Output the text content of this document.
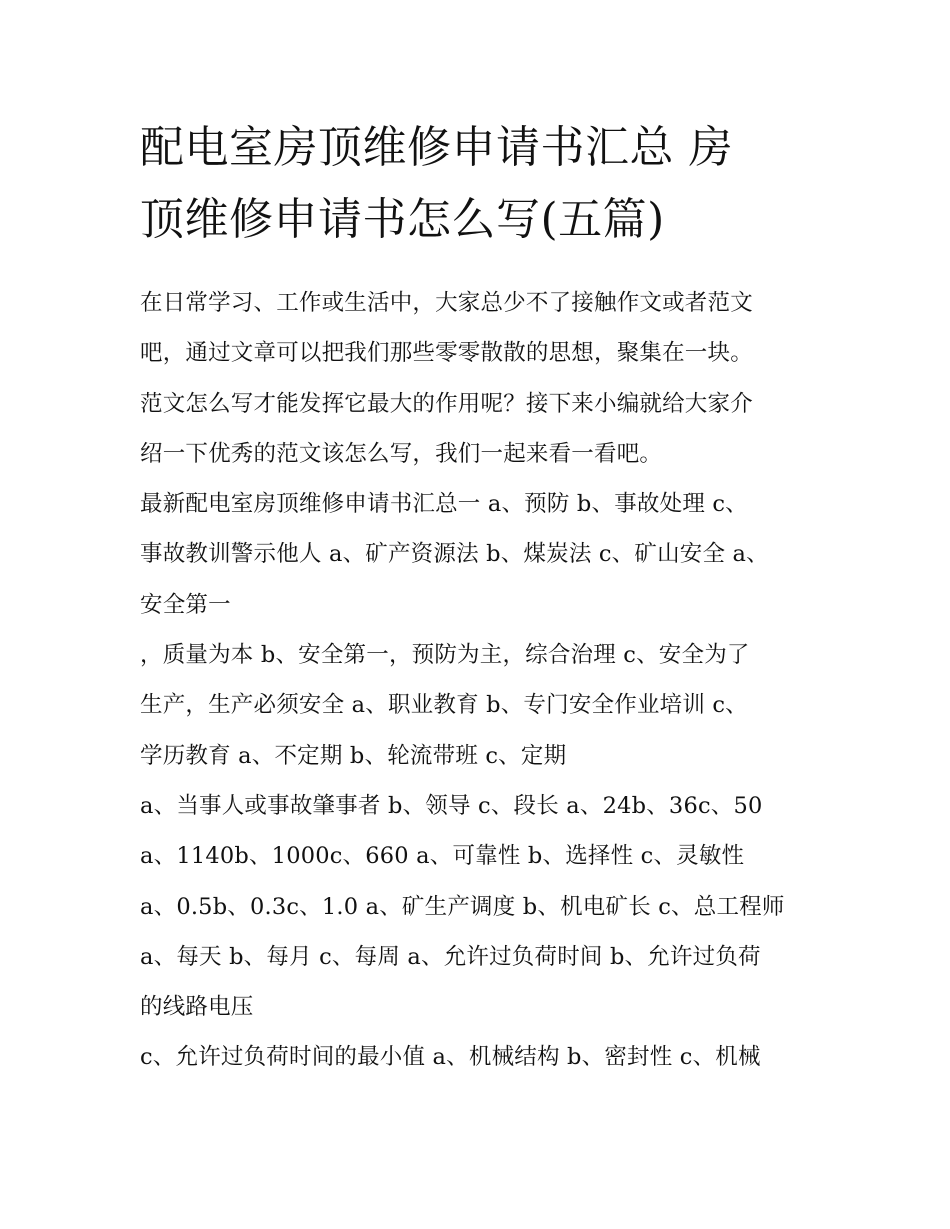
配电室房顶维修申请书汇总 房
顶维修申请书怎么写(五篇)

在日常学习、工作或生活中，大家总少不了接触作文或者范文

吧，通过文章可以把我们那些零零散散的思想，聚集在一块。

范文怎么写才能发挥它最大的作用呢？接下来小编就给大家介

绍一下优秀的范文该怎么写，我们一起来看一看吧。

最新配电室房顶维修申请书汇总一 a、预防 b、事故处理 c、

事故教训警示他人 a、矿产资源法 b、煤炭法 c、矿山安全 a、

安全第一

，质量为本 b、安全第一，预防为主，综合治理 c、安全为了

生产，生产必须安全 a、职业教育 b、专门安全作业培训 c、

学历教育 a、不定期 b、轮流带班 c、定期

a、当事人或事故肇事者 b、领导 c、段长 a、24b、36c、50

a、1140b、1000c、660 a、可靠性 b、选择性 c、灵敏性

a、0.5b、0.3c、1.0 a、矿生产调度 b、机电矿长 c、总工程师

a、每天 b、每月 c、每周 a、允许过负荷时间 b、允许过负荷

的线路电压

c、允许过负荷时间的最小值 a、机械结构 b、密封性 c、机械
